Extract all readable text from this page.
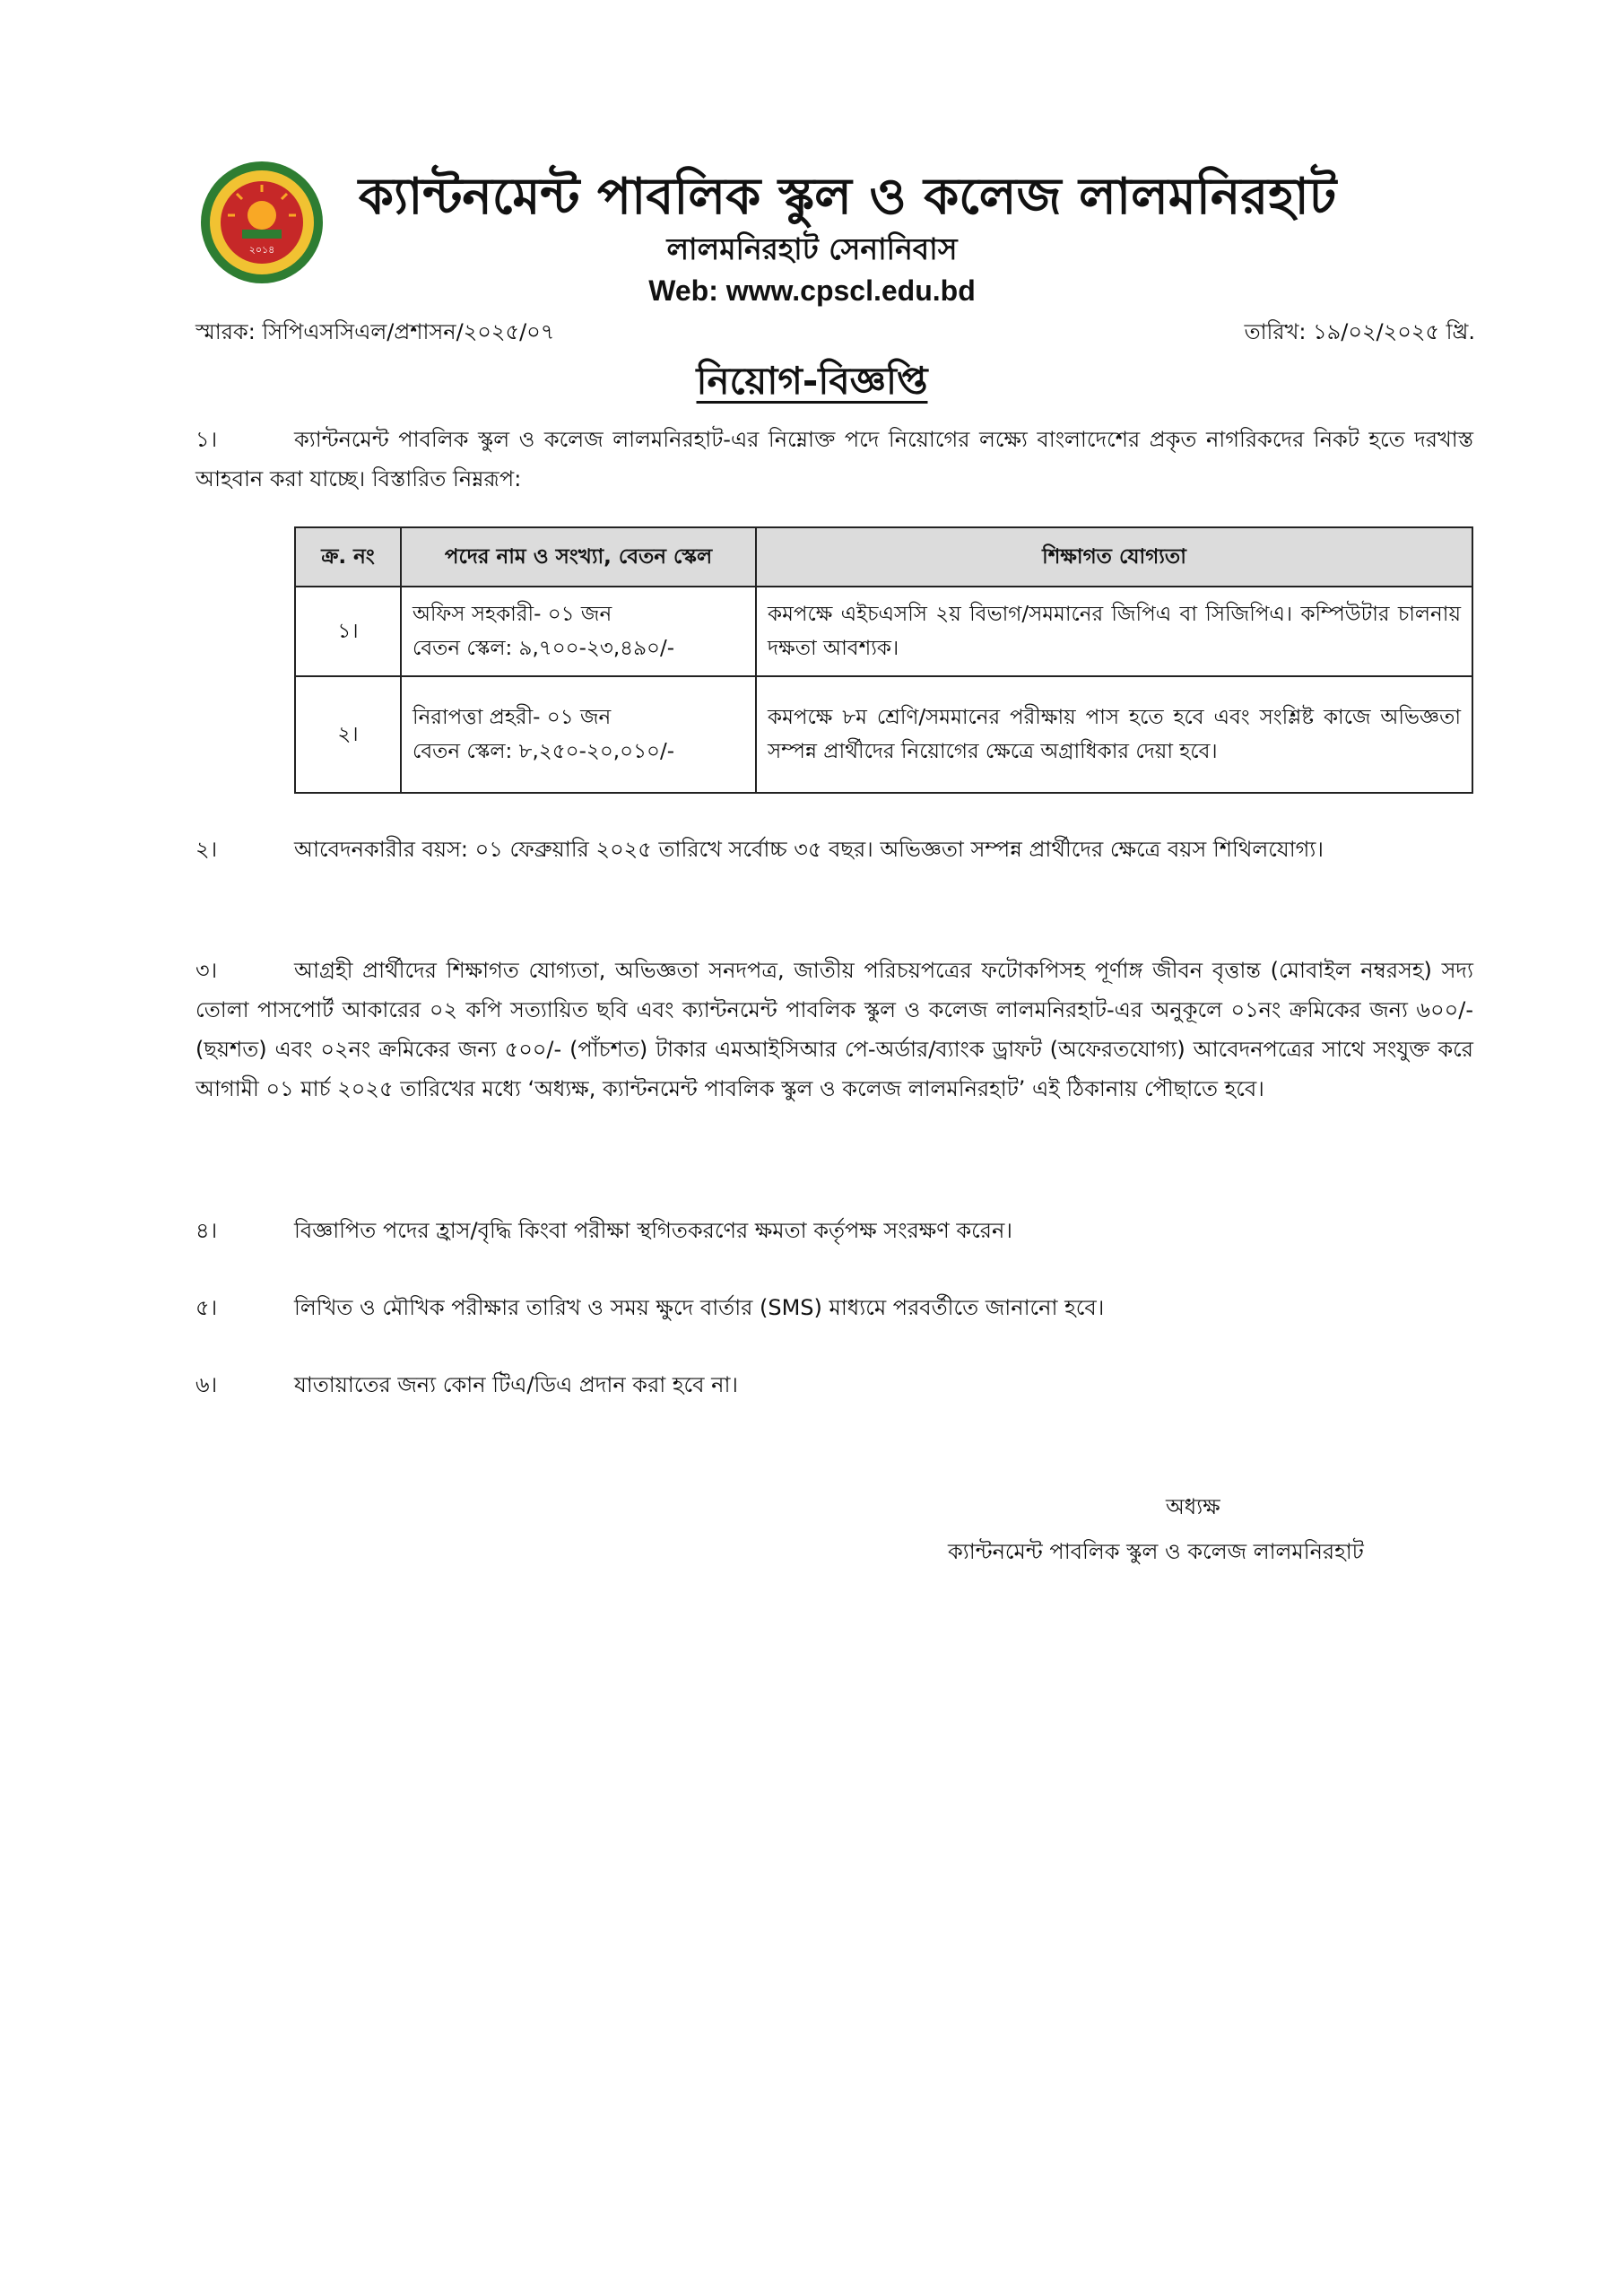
২০১৪
ক্যান্টনমেন্ট পাবলিক স্কুল ও কলেজ লালমনিরহাট
লালমনিরহাট সেনানিবাস
Web: www.cpscl.edu.bd
স্মারক: সিপিএসসিএল/প্রশাসন/২০২৫/০৭	তারিখ: ১৯/০২/২০২৫ খ্রি.
নিয়োগ-বিজ্ঞপ্তি
১।	ক্যান্টনমেন্ট পাবলিক স্কুল ও কলেজ লালমনিরহাট-এর নিম্নোক্ত পদে নিয়োগের লক্ষ্যে বাংলাদেশের প্রকৃত নাগরিকদের নিকট হতে দরখাস্ত আহবান করা যাচ্ছে। বিস্তারিত নিম্নরূপ:
ক্র. নং	পদের নাম ও সংখ্যা, বেতন স্কেল	শিক্ষাগত যোগ্যতা
১।	অফিস সহকারী- ০১ জন
বেতন স্কেল: ৯,৭০০-২৩,৪৯০/-	কমপক্ষে এইচএসসি ২য় বিভাগ/সমমানের জিপিএ বা সিজিপিএ। কম্পিউটার চালনায় দক্ষতা আবশ্যক।
২।	নিরাপত্তা প্রহরী- ০১ জন
বেতন স্কেল: ৮,২৫০-২০,০১০/-	কমপক্ষে ৮ম শ্রেণি/সমমানের পরীক্ষায় পাস হতে হবে এবং সংশ্লিষ্ট কাজে অভিজ্ঞতা সম্পন্ন প্রার্থীদের নিয়োগের ক্ষেত্রে অগ্রাধিকার দেয়া হবে।
২।	আবেদনকারীর বয়স: ০১ ফেব্রুয়ারি ২০২৫ তারিখে সর্বোচ্চ ৩৫ বছর। অভিজ্ঞতা সম্পন্ন প্রার্থীদের ক্ষেত্রে বয়স শিথিলযোগ্য।
৩।	আগ্রহী প্রার্থীদের শিক্ষাগত যোগ্যতা, অভিজ্ঞতা সনদপত্র, জাতীয় পরিচয়পত্রের ফটোকপিসহ পূর্ণাঙ্গ জীবন বৃত্তান্ত (মোবাইল নম্বরসহ) সদ্য তোলা পাসপোর্ট আকারের ০২ কপি সত্যায়িত ছবি এবং ক্যান্টনমেন্ট পাবলিক স্কুল ও কলেজ লালমনিরহাট-এর অনুকূলে ০১নং ক্রমিকের জন্য ৬০০/- (ছয়শত) এবং ০২নং ক্রমিকের জন্য ৫০০/- (পাঁচশত) টাকার এমআইসিআর পে-অর্ডার/ব্যাংক ড্রাফট (অফেরতযোগ্য) আবেদনপত্রের সাথে সংযুক্ত করে আগামী ০১ মার্চ ২০২৫ তারিখের মধ্যে ‘অধ্যক্ষ, ক্যান্টনমেন্ট পাবলিক স্কুল ও কলেজ লালমনিরহাট’ এই ঠিকানায় পৌছাতে হবে।
৪।	বিজ্ঞাপিত পদের হ্রাস/বৃদ্ধি কিংবা পরীক্ষা স্থগিতকরণের ক্ষমতা কর্তৃপক্ষ সংরক্ষণ করেন।
৫।	লিখিত ও মৌখিক পরীক্ষার তারিখ ও সময় ক্ষুদে বার্তার (SMS) মাধ্যমে পরবর্তীতে জানানো হবে।
৬।	যাতায়াতের জন্য কোন টিএ/ডিএ প্রদান করা হবে না।
অধ্যক্ষ
ক্যান্টনমেন্ট পাবলিক স্কুল ও কলেজ লালমনিরহাট
